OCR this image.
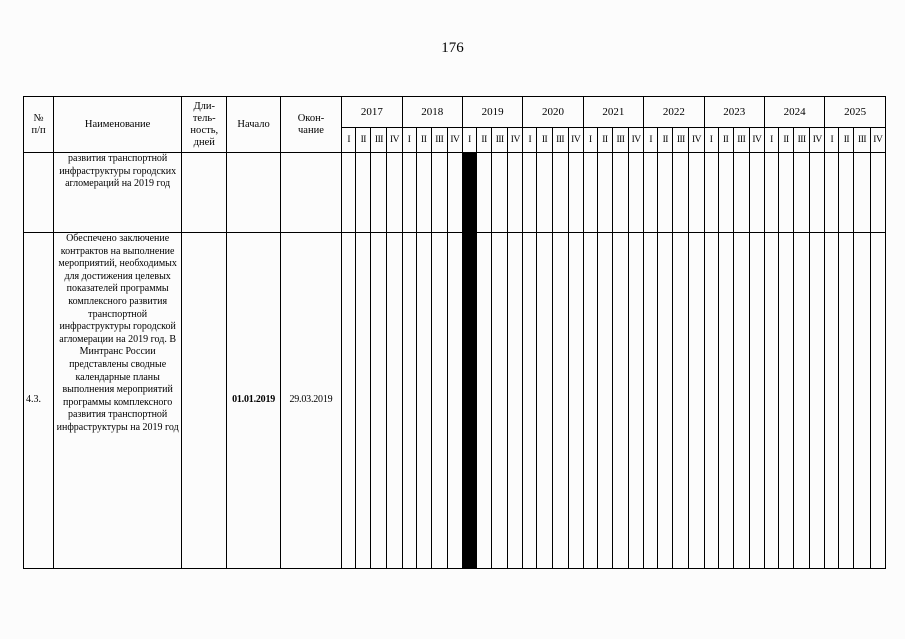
176
№
п/п	Наименование	Дли-
тель-
ность,
дней	Начало	Окон-
чание	2017				2018				2019				2020				2021				2022				2023				2024				2025			
					I	II	III	IV	I	II	III	IV	I	II	III	IV	I	II	III	IV	I	II	III	IV	I	II	III	IV	I	II	III	IV	I	II	III	IV	I	II	III	IV
	развития транспортной инфраструктуры городских агломераций на 2019 год																																							
4.3.	Обеспечено заключение контрактов на выполнение мероприятий, необходимых для достижения целевых показателей программы комплексного развития транспортной инфраструктуры городской агломерации на 2019 год. В Минтранс России представлены сводные календарные планы выполнения мероприятий программы комплексного развития транспортной инфраструктуры на 2019 год		01.01.2019	29.03.2019																																				
